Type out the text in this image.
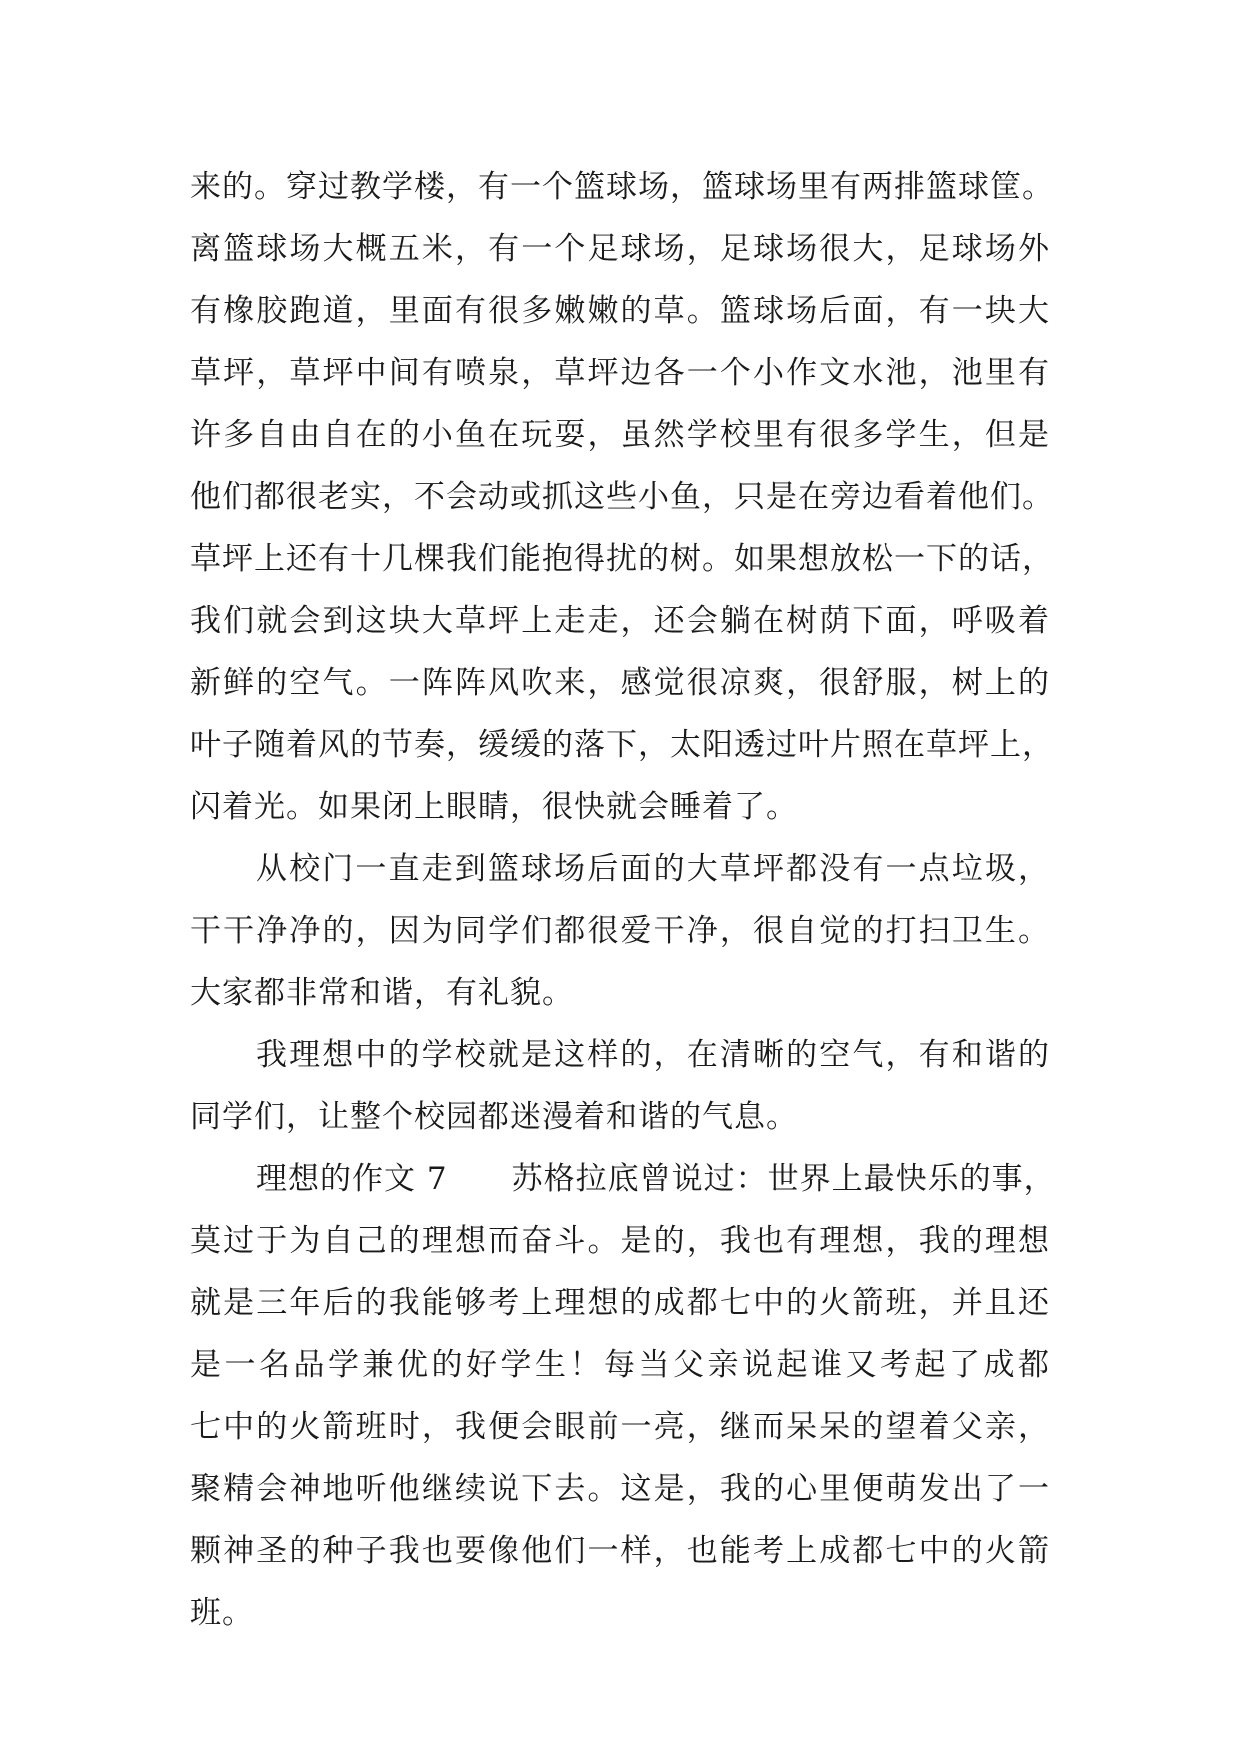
来的。穿过教学楼，有一个篮球场，篮球场里有两排篮球筐。
离篮球场大概五米，有一个足球场，足球场很大，足球场外
有橡胶跑道，里面有很多嫩嫩的草。篮球场后面，有一块大
草坪，草坪中间有喷泉，草坪边各一个小作文水池，池里有
许多自由自在的小鱼在玩耍，虽然学校里有很多学生，但是
他们都很老实，不会动或抓这些小鱼，只是在旁边看着他们。
草坪上还有十几棵我们能抱得扰的树。如果想放松一下的话，
我们就会到这块大草坪上走走，还会躺在树荫下面，呼吸着
新鲜的空气。一阵阵风吹来，感觉很凉爽，很舒服，树上的
叶子随着风的节奏，缓缓的落下，太阳透过叶片照在草坪上，
闪着光。如果闭上眼睛，很快就会睡着了。
从校门一直走到篮球场后面的大草坪都没有一点垃圾，
干干净净的，因为同学们都很爱干净，很自觉的打扫卫生。
大家都非常和谐，有礼貌。
我理想中的学校就是这样的，在清晰的空气，有和谐的
同学们，让整个校园都迷漫着和谐的气息。
理想的作文 7　　苏格拉底曾说过：世界上最快乐的事，
莫过于为自己的理想而奋斗。是的，我也有理想，我的理想
就是三年后的我能够考上理想的成都七中的火箭班，并且还
是一名品学兼优的好学生！每当父亲说起谁又考起了成都
七中的火箭班时，我便会眼前一亮，继而呆呆的望着父亲，
聚精会神地听他继续说下去。这是，我的心里便萌发出了一
颗神圣的种子我也要像他们一样，也能考上成都七中的火箭
班。
